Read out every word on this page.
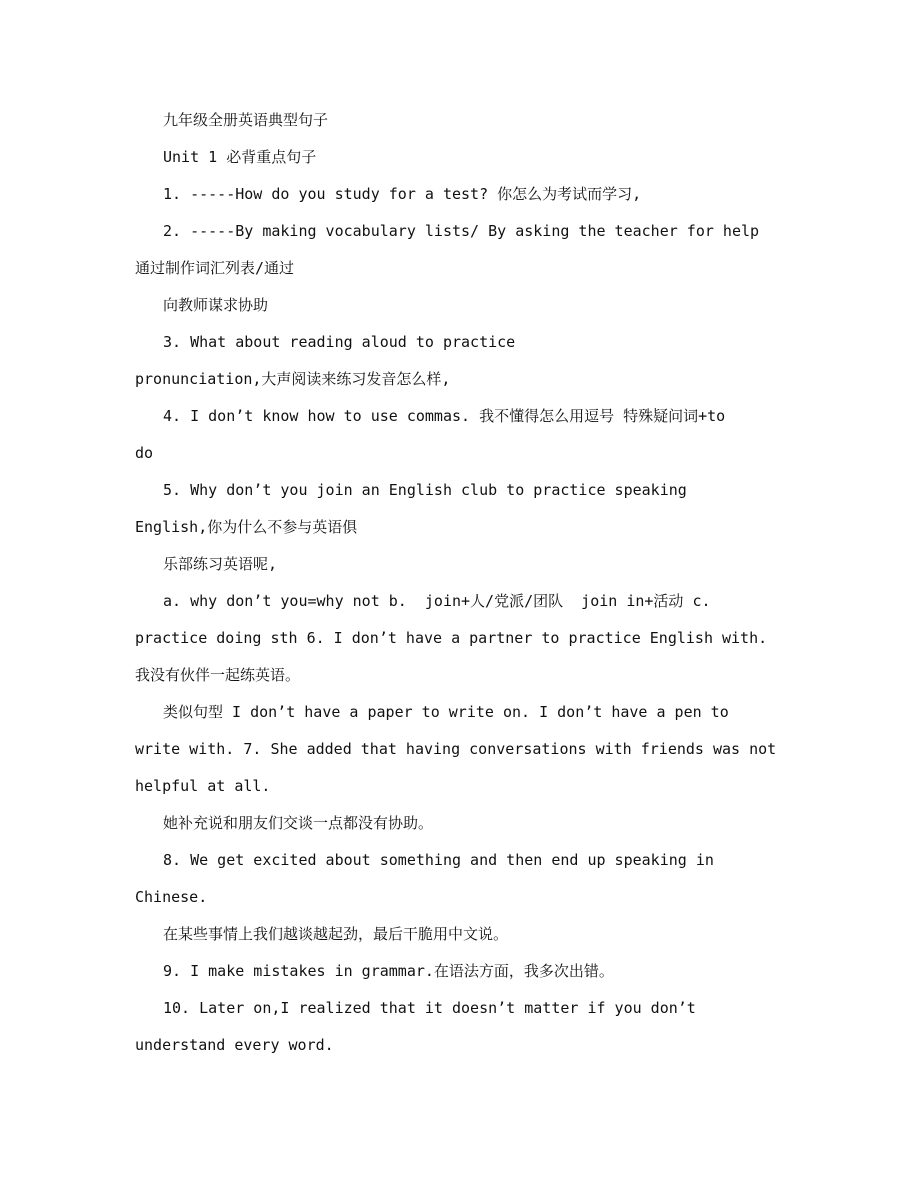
九年级全册英语典型句子
Unit 1 必背重点句子
1. -----How do you study for a test? 你怎么为考试而学习,
2. -----By making vocabulary lists/ By asking the teacher for help
通过制作词汇列表/通过
向教师谋求协助
3. What about reading aloud to practice
pronunciation,大声阅读来练习发音怎么样,
4. I don’t know how to use commas. 我不懂得怎么用逗号 特殊疑问词+to
do
5. Why don’t you join an English club to practice speaking
English,你为什么不参与英语俱
乐部练习英语呢,
a. why don’t you=why not b.  join+人/党派/团队  join in+活动 c.
practice doing sth 6. I don’t have a partner to practice English with.
我没有伙伴一起练英语。
类似句型 I don’t have a paper to write on. I don’t have a pen to
write with. 7. She added that having conversations with friends was not
helpful at all.
她补充说和朋友们交谈一点都没有协助。
8. We get excited about something and then end up speaking in
Chinese.
在某些事情上我们越谈越起劲，最后干脆用中文说。
9. I make mistakes in grammar.在语法方面，我多次出错。
10. Later on,I realized that it doesn’t matter if you don’t
understand every word.
